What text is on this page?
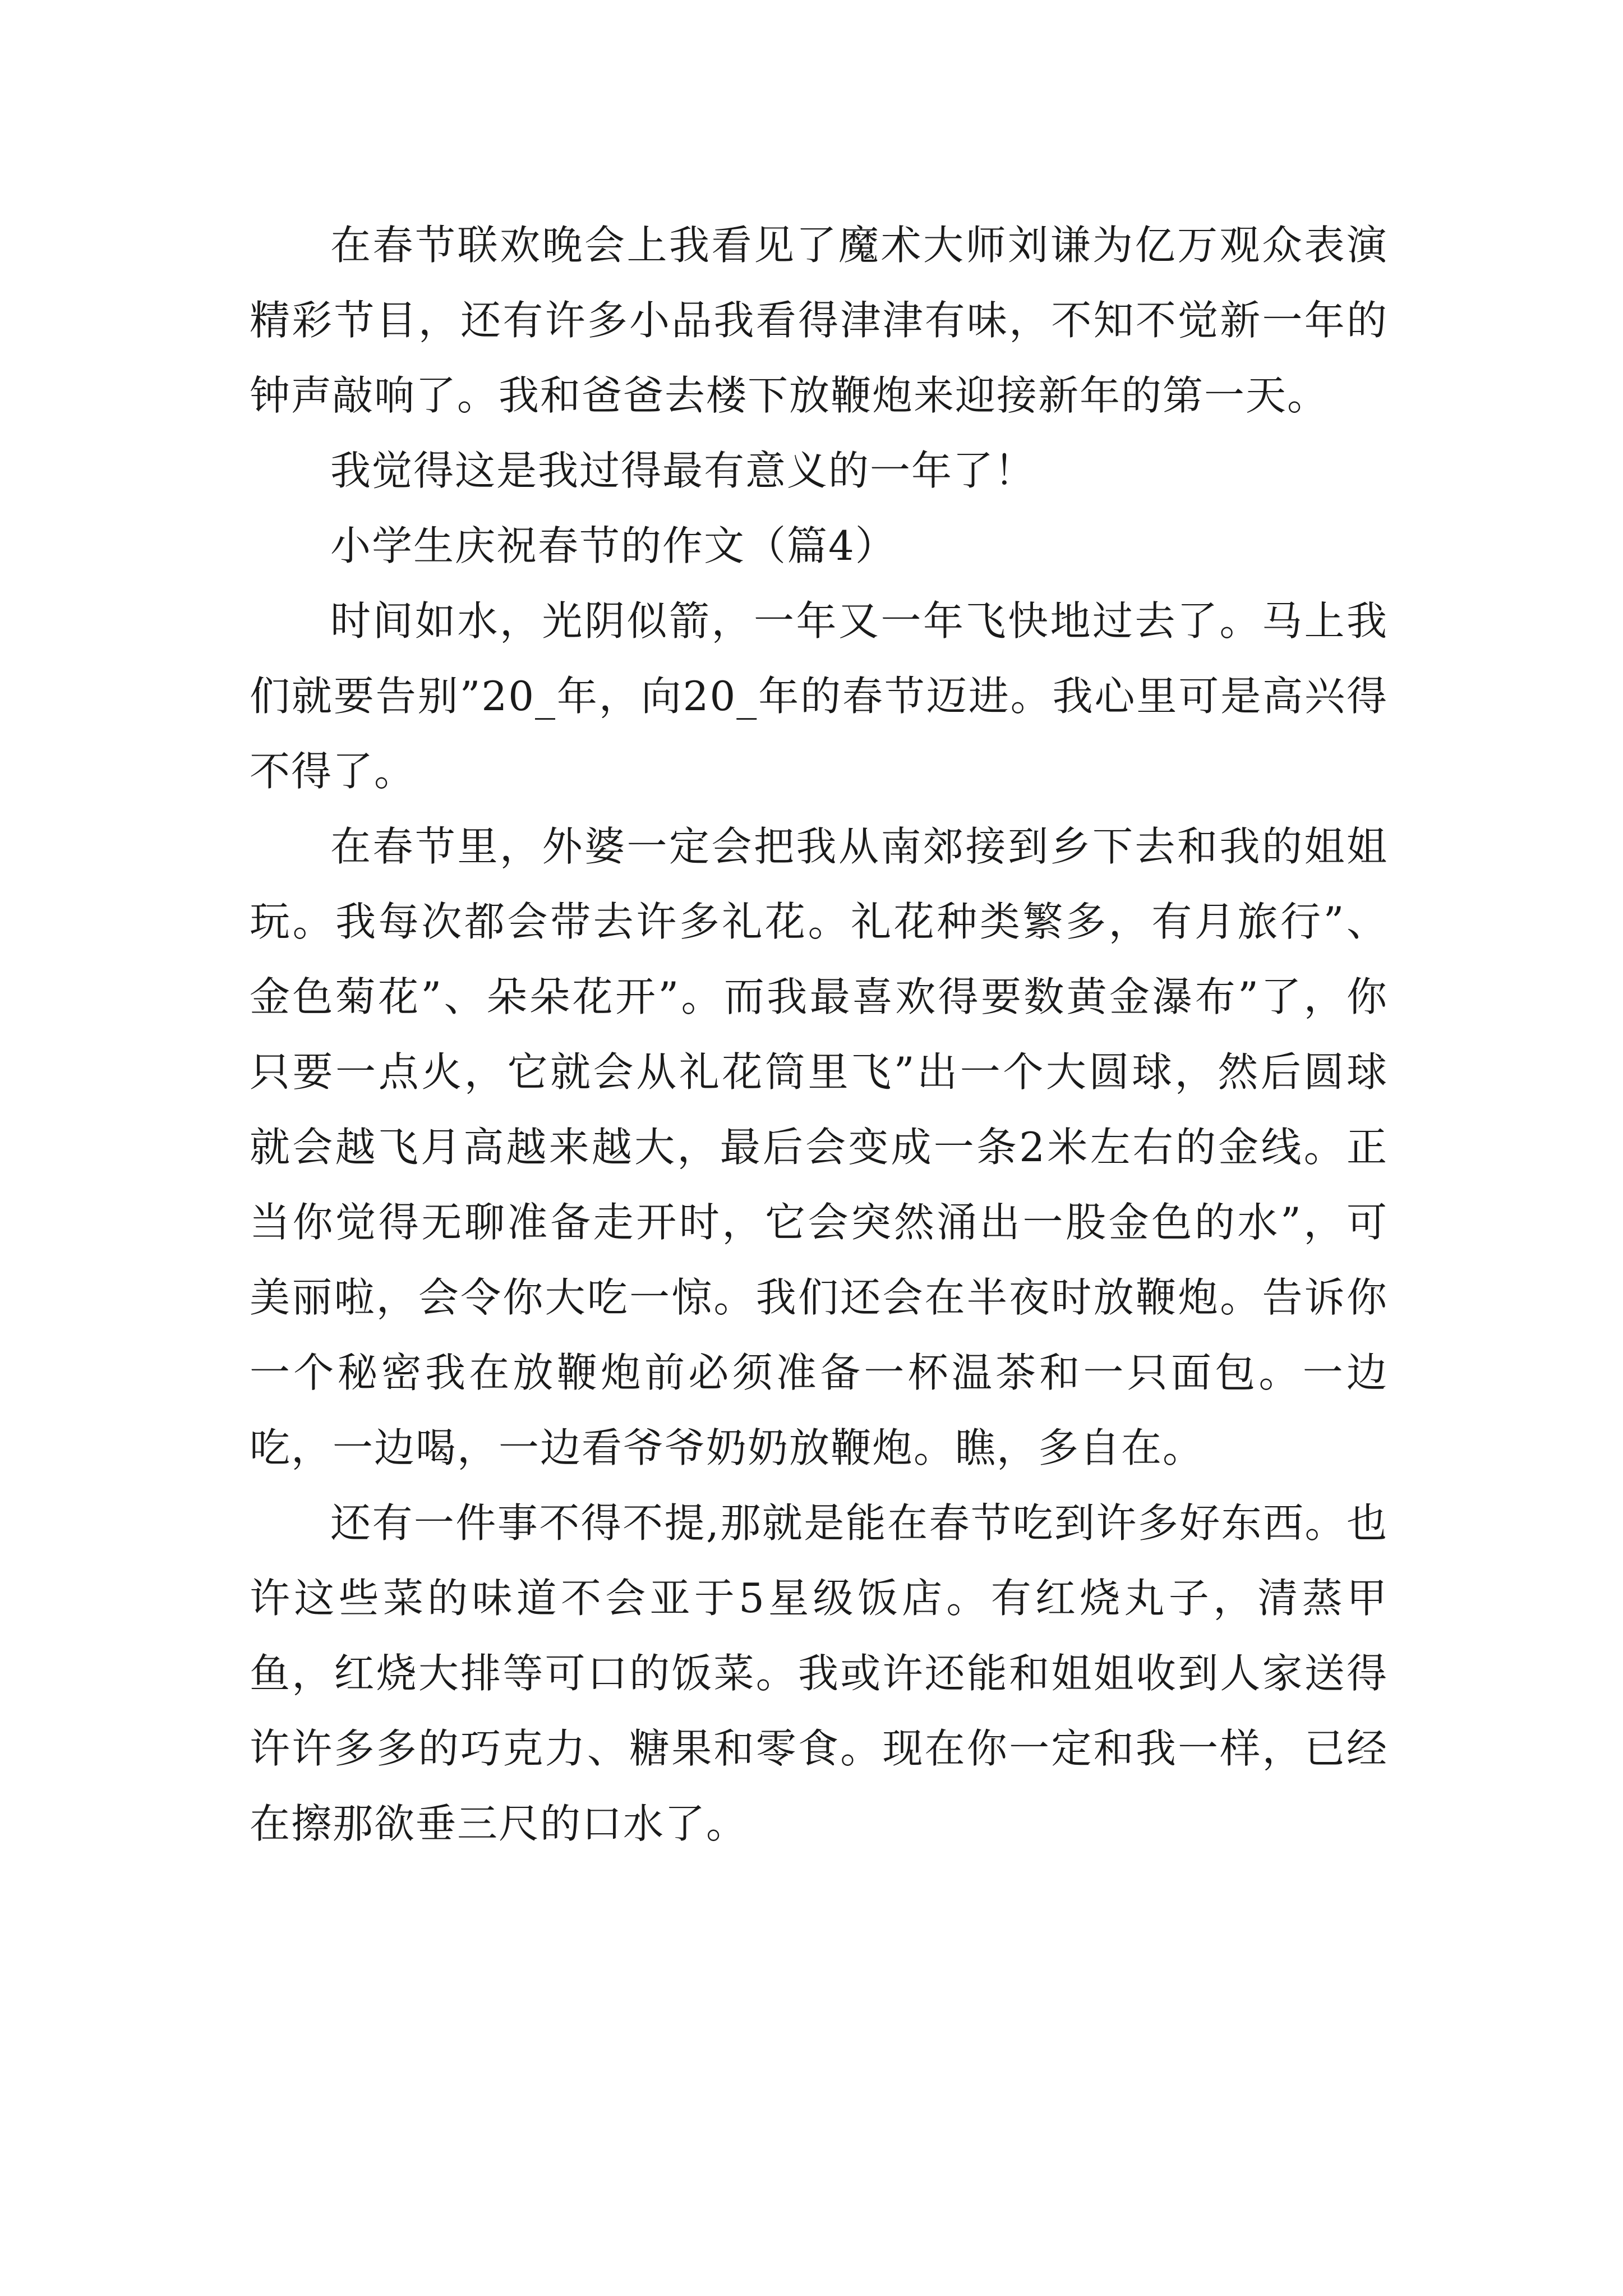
在春节联欢晚会上我看见了魔术大师刘谦为亿万观众表演精彩节目，还有许多小品我看得津津有味，不知不觉新一年的钟声敲响了。我和爸爸去楼下放鞭炮来迎接新年的第一天。

我觉得这是我过得最有意义的一年了！

小学生庆祝春节的作文（篇4）

时间如水，光阴似箭，一年又一年飞快地过去了。马上我们就要告别”20_年，向20_年的春节迈进。我心里可是高兴得不得了。

在春节里，外婆一定会把我从南郊接到乡下去和我的姐姐玩。我每次都会带去许多礼花。礼花种类繁多，有月旅行”、金色菊花”、朵朵花开”。而我最喜欢得要数黄金瀑布”了，你只要一点火，它就会从礼花筒里飞”出一个大圆球，然后圆球就会越飞月高越来越大，最后会变成一条2米左右的金线。正当你觉得无聊准备走开时，它会突然涌出一股金色的水”，可美丽啦，会令你大吃一惊。我们还会在半夜时放鞭炮。告诉你一个秘密我在放鞭炮前必须准备一杯温茶和一只面包。一边吃，一边喝，一边看爷爷奶奶放鞭炮。瞧，多自在。

还有一件事不得不提,那就是能在春节吃到许多好东西。也许这些菜的味道不会亚于5星级饭店。有红烧丸子，清蒸甲鱼，红烧大排等可口的饭菜。我或许还能和姐姐收到人家送得许许多多的巧克力、糖果和零食。现在你一定和我一样，已经在擦那欲垂三尺的口水了。
